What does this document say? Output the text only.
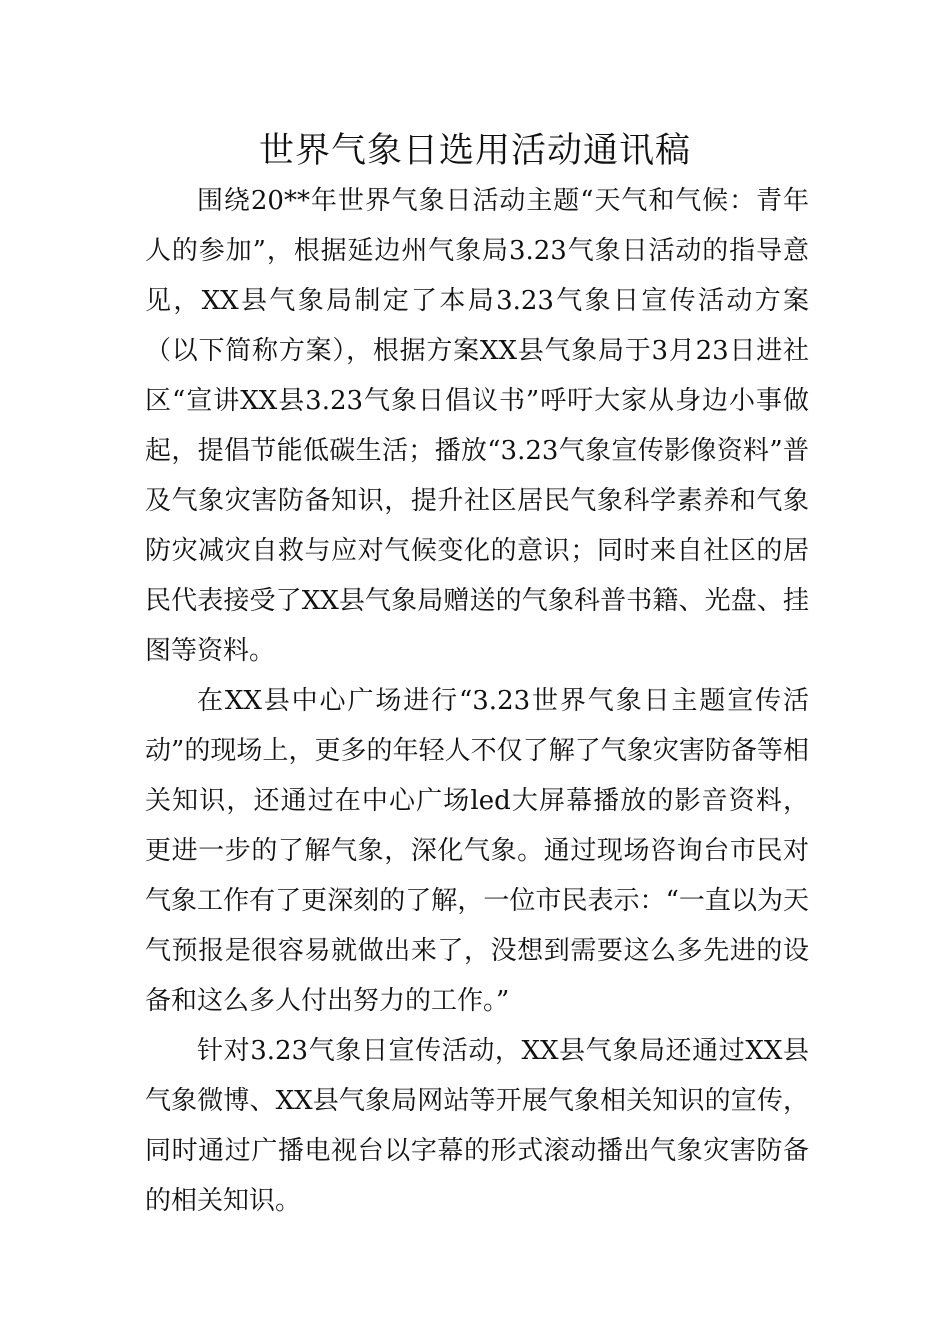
世界气象日选用活动通讯稿

围绕20**年世界气象日活动主题“天气和气候：青年人的参加”，根据延边州气象局3.23气象日活动的指导意见，XX县气象局制定了本局3.23气象日宣传活动方案（以下简称方案），根据方案XX县气象局于3月23日进社区“宣讲XX县3.23气象日倡议书”呼吁大家从身边小事做起，提倡节能低碳生活；播放“3.23气象宣传影像资料”普及气象灾害防备知识，提升社区居民气象科学素养和气象防灾减灾自救与应对气候变化的意识；同时来自社区的居民代表接受了XX县气象局赠送的气象科普书籍、光盘、挂图等资料。

在XX县中心广场进行“3.23世界气象日主题宣传活动”的现场上，更多的年轻人不仅了解了气象灾害防备等相关知识，还通过在中心广场led大屏幕播放的影音资料，更进一步的了解气象，深化气象。通过现场咨询台市民对气象工作有了更深刻的了解，一位市民表示：“一直以为天气预报是很容易就做出来了，没想到需要这么多先进的设备和这么多人付出努力的工作。”

针对3.23气象日宣传活动，XX县气象局还通过XX县气象微博、XX县气象局网站等开展气象相关知识的宣传，同时通过广播电视台以字幕的形式滚动播出气象灾害防备的相关知识。
